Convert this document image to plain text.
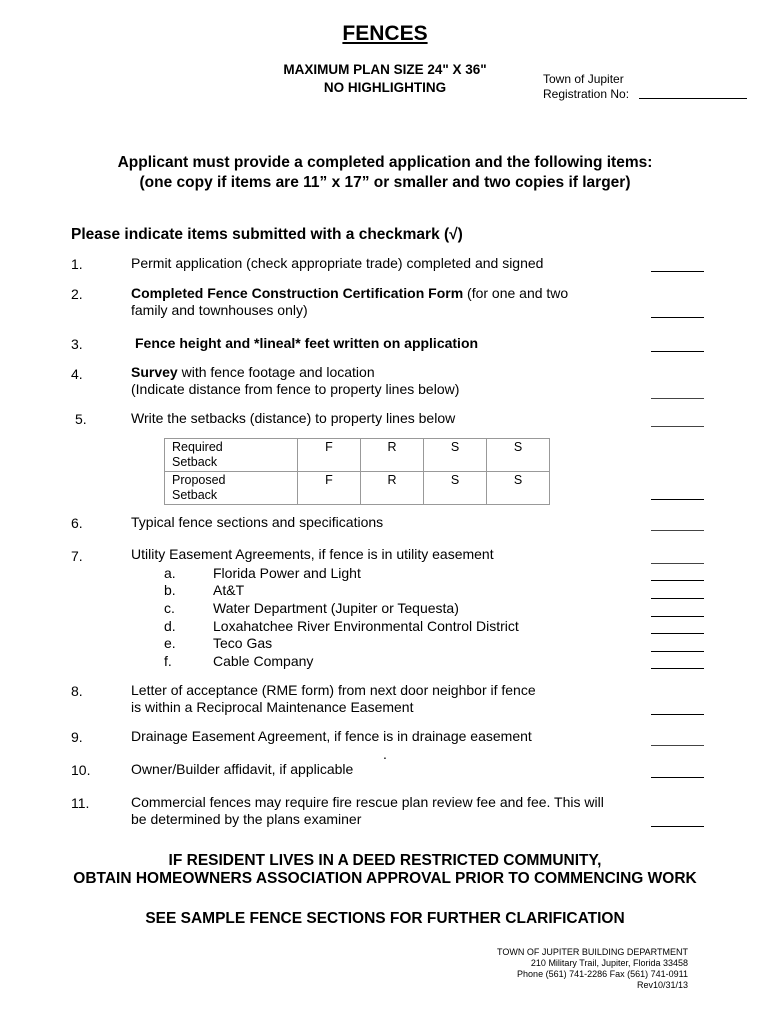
FENCES
MAXIMUM PLAN SIZE 24" X 36"
NO HIGHLIGHTING
Town of Jupiter
Registration No:
Applicant must provide a completed application and the following items:
(one copy if items are 11” x 17” or smaller and two copies if larger)
Please indicate items submitted with a checkmark (√)
1.	Permit application (check appropriate trade) completed and signed
2.	Completed Fence Construction Certification Form (for one and two
family and townhouses only)
3.	Fence height and *lineal* feet written on application
4.	Survey with fence footage and location
(Indicate distance from fence to property lines below)
5.	Write the setbacks (distance) to property lines below
Required
Setback	F	R	S	S
Proposed
Setback	F	R	S	S
6.	Typical fence sections and specifications
7.	Utility Easement Agreements, if fence is in utility easement
a.	Florida Power and Light
b.	At&T
c.	Water Department (Jupiter or Tequesta)
d.	Loxahatchee River Environmental Control District
e.	Teco Gas
f.	Cable Company
8.	Letter of acceptance (RME form) from next door neighbor if fence
is within a Reciprocal Maintenance Easement
9.	Drainage Easement Agreement, if fence is in drainage easement
.
10.	Owner/Builder affidavit, if applicable
11.	Commercial fences may require fire rescue plan review fee and fee. This will
be determined by the plans examiner
IF RESIDENT LIVES IN A DEED RESTRICTED COMMUNITY,
OBTAIN HOMEOWNERS ASSOCIATION APPROVAL PRIOR TO COMMENCING WORK
SEE SAMPLE FENCE SECTIONS FOR FURTHER CLARIFICATION
TOWN OF JUPITER BUILDING DEPARTMENT
210 Military Trail, Jupiter, Florida 33458
Phone (561) 741-2286 Fax (561) 741-0911
Rev10/31/13
